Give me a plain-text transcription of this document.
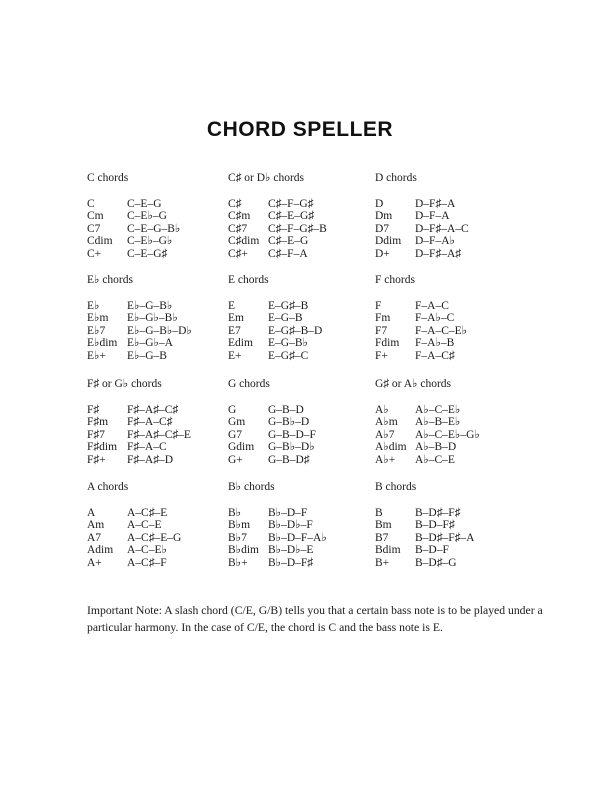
CHORD SPELLER
C chords
C	C–E–G
Cm	C–E♭–G
C7	C–E–G–B♭
Cdim	C–E♭–G♭
C+	C–E–G♯
C♯ or D♭ chords
C♯	C♯–F–G♯
C♯m	C♯–E–G♯
C♯7	C♯–F–G♯–B
C♯dim C♯–E–G
C♯+	C♯–F–A
D chords
D	D–F♯–A
Dm	D–F–A
D7	D–F♯–A–C
Ddim	D–F–A♭
D+	D–F♯–A♯
E♭ chords
E♭	E♭–G–B♭
E♭m	E♭–G♭–B♭
E♭7	E♭–G–B♭–D♭
E♭dim E♭–G♭–A
E♭+	E♭–G–B
E chords
E	E–G♯–B
Em	E–G–B
E7	E–G♯–B–D
Edim	E–G–B♭
E+	E–G♯–C
F chords
F	F–A–C
Fm	F–A♭–C
F7	F–A–C–E♭
Fdim	F–A♭–B
F+	F–A–C♯
F♯ or G♭ chords
F♯	F♯–A♯–C♯
F♯m	F♯–A–C♯
F♯7	F♯–A♯–C♯–E
F♯dim F♯–A–C
F♯+	F♯–A♯–D
G chords
G	G–B–D
Gm	G–B♭–D
G7	G–B–D–F
Gdim	G–B♭–D♭
G+	G–B–D♯
G♯ or A♭ chords
A♭	A♭–C–E♭
A♭m	A♭–B–E♭
A♭7	A♭–C–E♭–G♭
A♭dim A♭–B–D
A♭+	A♭–C–E
A chords
A	A–C♯–E
Am	A–C–E
A7	A–C♯–E–G
Adim	A–C–E♭
A+	A–C♯–F
B♭ chords
B♭	B♭–D–F
B♭m	B♭–D♭–F
B♭7	B♭–D–F–A♭
B♭dim B♭–D♭–E
B♭+	B♭–D–F♯
B chords
B	B–D♯–F♯
Bm	B–D–F♯
B7	B–D♯–F♯–A
Bdim	B–D–F
B+	B–D♯–G
Important Note: A slash chord (C/E, G/B) tells you that a certain bass note is to be played under a particular harmony. In the case of C/E, the chord is C and the bass note is E.
